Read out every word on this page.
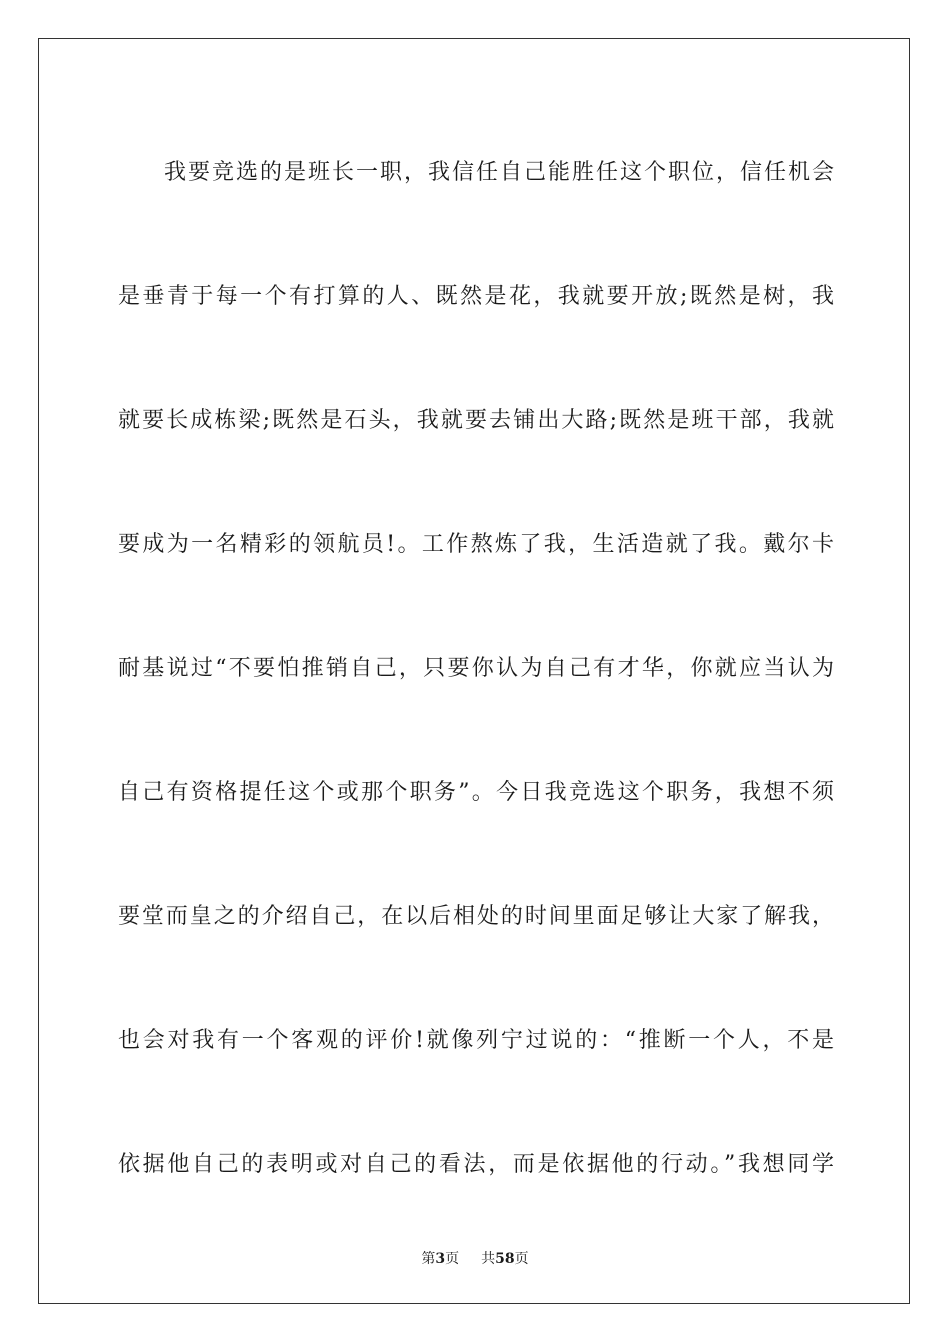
我要竞选的是班长一职，我信任自己能胜任这个职位，信任机会

是垂青于每一个有打算的人、既然是花，我就要开放;既然是树，我

就要长成栋梁;既然是石头，我就要去铺出大路;既然是班干部，我就

要成为一名精彩的领航员!。工作熬炼了我，生活造就了我。戴尔卡

耐基说过“不要怕推销自己，只要你认为自己有才华，你就应当认为

自己有资格提任这个或那个职务”。今日我竞选这个职务，我想不须

要堂而皇之的介绍自己，在以后相处的时间里面足够让大家了解我，

也会对我有一个客观的评价!就像列宁过说的：“推断一个人，不是

依据他自己的表明或对自己的看法，而是依据他的行动。”我想同学

第3页 共58页
